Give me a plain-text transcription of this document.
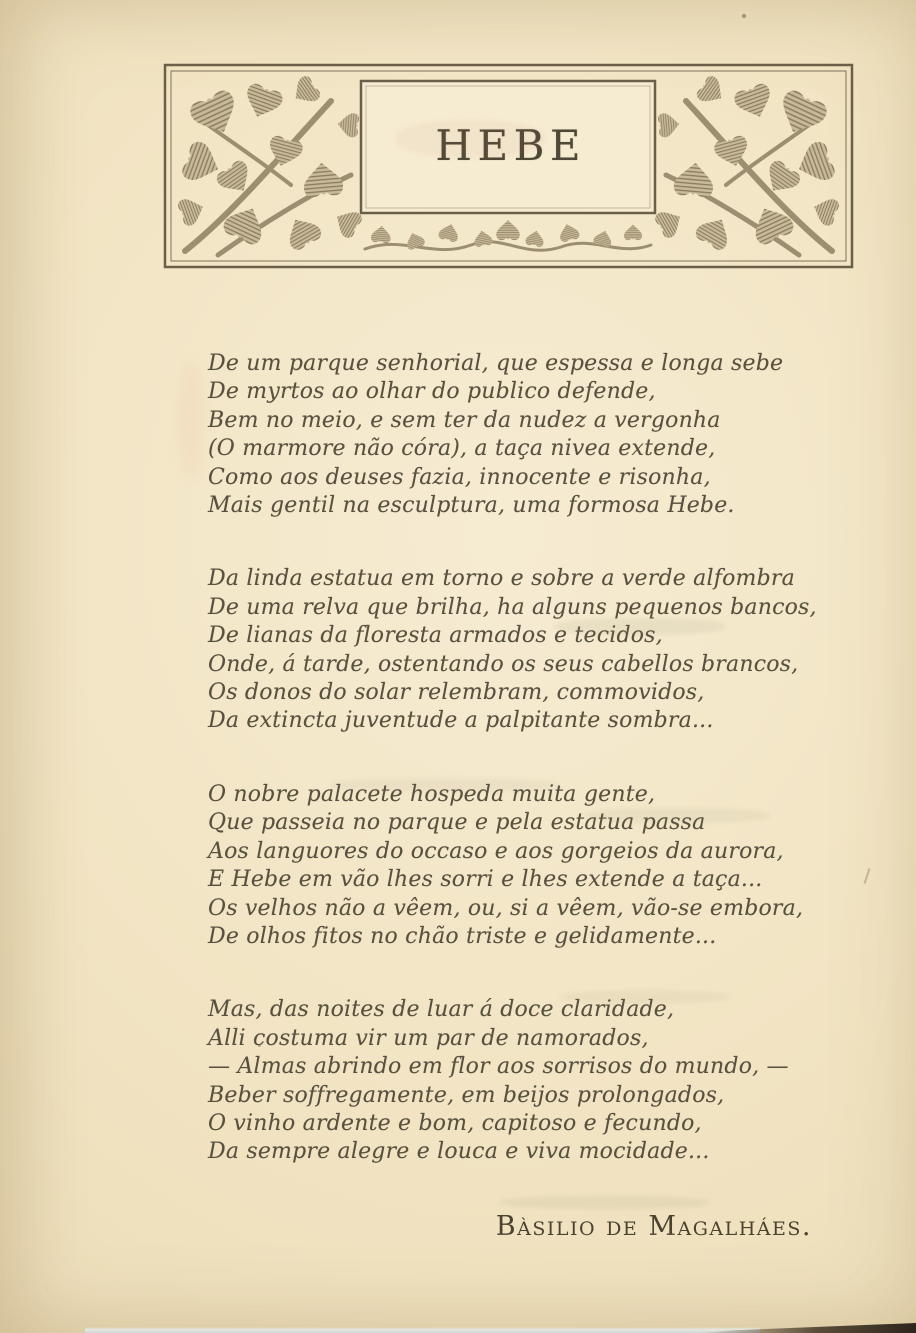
HEBE
De um parque senhorial, que espessa e longa sebe
De myrtos ao olhar do publico defende,
Bem no meio, e sem ter da nudez a vergonha
(O marmore não córa), a taça nivea extende,
Como aos deuses fazia, innocente e risonha,
Mais gentil na esculptura, uma formosa Hebe.
Da linda estatua em torno e sobre a verde alfombra
De uma relva que brilha, ha alguns pequenos bancos,
De lianas da floresta armados e tecidos,
Onde, á tarde, ostentando os seus cabellos brancos,
Os donos do solar relembram, commovidos,
Da extincta juventude a palpitante sombra...
O nobre palacete hospeda muita gente,
Que passeia no parque e pela estatua passa
Aos languores do occaso e aos gorgeios da aurora,
E Hebe em vão lhes sorri e lhes extende a taça...
Os velhos não a vêem, ou, si a vêem, vão-se embora,
De olhos fitos no chão triste e gelidamente...
Mas, das noites de luar á doce claridade,
Alli costuma vir um par de namorados,
— Almas abrindo em flor aos sorrisos do mundo, —
Beber soffregamente, em beijos prolongados,
O vinho ardente e bom, capitoso e fecundo,
Da sempre alegre e louca e viva mocidade...
Bàsilio de Magalháes.
